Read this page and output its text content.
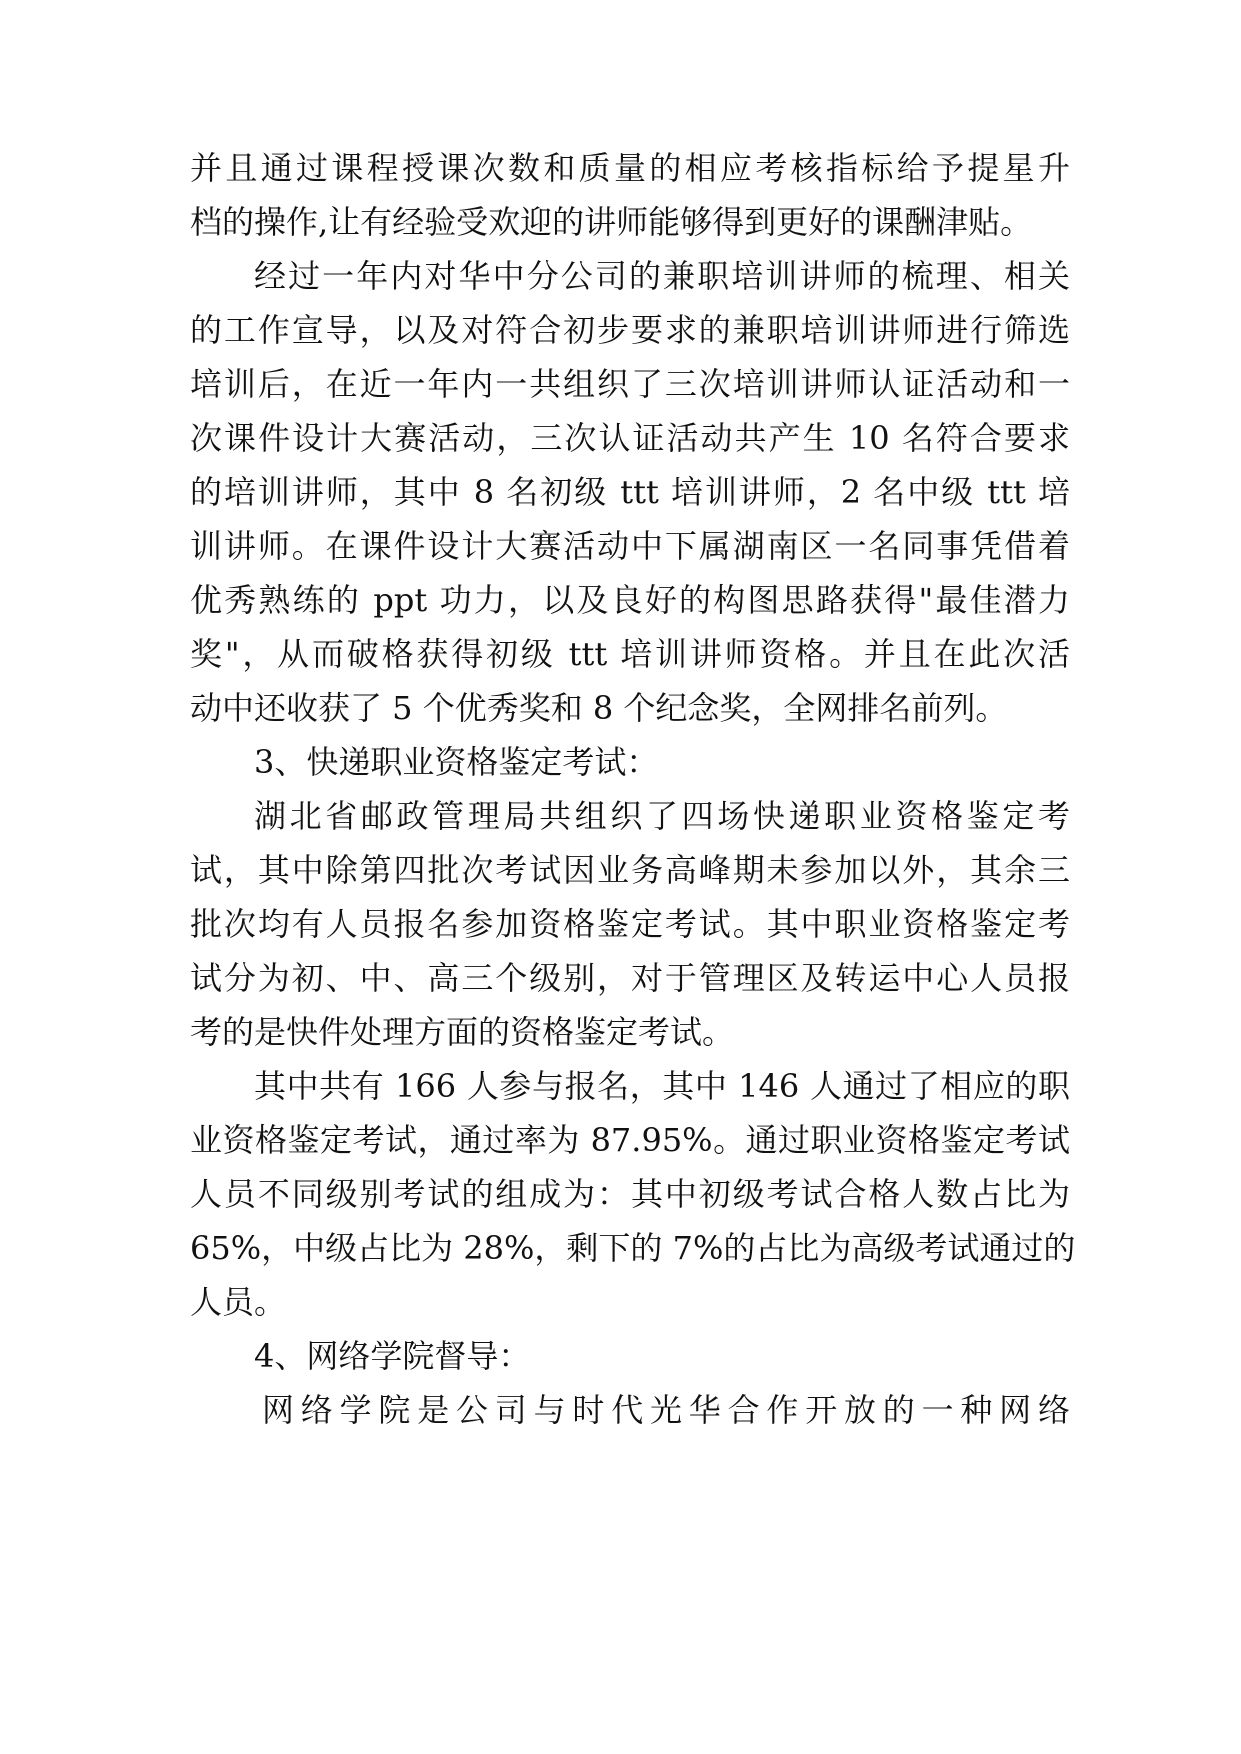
并且通过课程授课次数和质量的相应考核指标给予提星升
档的操作,让有经验受欢迎的讲师能够得到更好的课酬津贴。
经过一年内对华中分公司的兼职培训讲师的梳理、相关
的工作宣导，以及对符合初步要求的兼职培训讲师进行筛选
培训后，在近一年内一共组织了三次培训讲师认证活动和一
次课件设计大赛活动，三次认证活动共产生 10 名符合要求
的培训讲师，其中 8 名初级 ttt 培训讲师，2 名中级 ttt 培
训讲师。在课件设计大赛活动中下属湖南区一名同事凭借着
优秀熟练的 ppt 功力，以及良好的构图思路获得"最佳潜力
奖"，从而破格获得初级 ttt 培训讲师资格。并且在此次活
动中还收获了 5 个优秀奖和 8 个纪念奖，全网排名前列。
3、快递职业资格鉴定考试：
湖北省邮政管理局共组织了四场快递职业资格鉴定考
试，其中除第四批次考试因业务高峰期未参加以外，其余三
批次均有人员报名参加资格鉴定考试。其中职业资格鉴定考
试分为初、中、高三个级别，对于管理区及转运中心人员报
考的是快件处理方面的资格鉴定考试。
其中共有 166 人参与报名，其中 146 人通过了相应的职
业资格鉴定考试，通过率为 87.95%。通过职业资格鉴定考试
人员不同级别考试的组成为：其中初级考试合格人数占比为
65%，中级占比为 28%，剩下的 7%的占比为高级考试通过的
人员。
4、网络学院督导：
网络学院是公司与时代光华合作开放的一种网络
